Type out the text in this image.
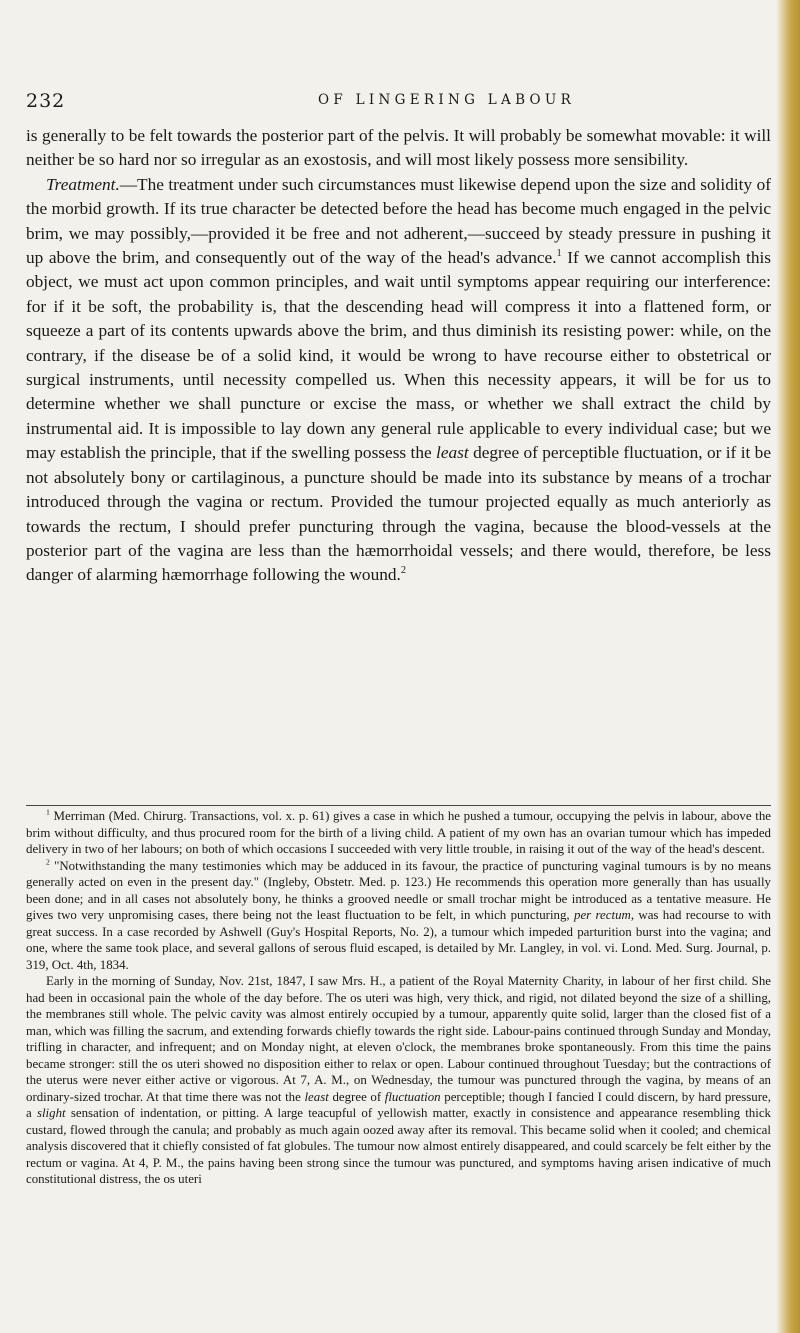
232	OF LINGERING LABOUR

is generally to be felt towards the posterior part of the pelvis. It will probably be somewhat movable: it will neither be so hard nor so irregular as an exostosis, and will most likely possess more sensibility.

Treatment.—The treatment under such circumstances must likewise depend upon the size and solidity of the morbid growth. If its true character be detected before the head has become much engaged in the pelvic brim, we may possibly,—provided it be free and not adherent,—succeed by steady pressure in pushing it up above the brim, and consequently out of the way of the head's advance.$^1$ If we cannot accomplish this object, we must act upon common principles, and wait until symptoms appear requiring our interference: for if it be soft, the probability is, that the descending head will compress it into a flattened form, or squeeze a part of its contents upwards above the brim, and thus diminish its resisting power: while, on the contrary, if the disease be of a solid kind, it would be wrong to have recourse either to obstetrical or surgical instruments, until necessity compelled us. When this necessity appears, it will be for us to determine whether we shall puncture or excise the mass, or whether we shall extract the child by instrumental aid. It is impossible to lay down any general rule applicable to every individual case; but we may establish the principle, that if the swelling possess the least degree of perceptible fluctuation, or if it be not absolutely bony or cartilaginous, a puncture should be made into its substance by means of a trochar introduced through the vagina or rectum. Provided the tumour projected equally as much anteriorly as towards the rectum, I should prefer puncturing through the vagina, because the blood-vessels at the posterior part of the vagina are less than the hæmorrhoidal vessels; and there would, therefore, be less danger of alarming hæmorrhage following the wound.$^2$

$^1$ Merriman (Med. Chirurg. Transactions, vol. x. p. 61) gives a case in which he pushed a tumour, occupying the pelvis in labour, above the brim without difficulty, and thus procured room for the birth of a living child. A patient of my own has an ovarian tumour which has impeded delivery in two of her labours; on both of which occasions I succeeded with very little trouble, in raising it out of the way of the head's descent.

$^2$ "Notwithstanding the many testimonies which may be adduced in its favour, the practice of puncturing vaginal tumours is by no means generally acted on even in the present day." (Ingleby, Obstetr. Med. p. 123.) He recommends this operation more generally than has usually been done; and in all cases not absolutely bony, he thinks a grooved needle or small trochar might be introduced as a tentative measure. He gives two very unpromising cases, there being not the least fluctuation to be felt, in which puncturing, per rectum, was had recourse to with great success. In a case recorded by Ashwell (Guy's Hospital Reports, No. 2), a tumour which impeded parturition burst into the vagina; and one, where the same took place, and several gallons of serous fluid escaped, is detailed by Mr. Langley, in vol. vi. Lond. Med. Surg. Journal, p. 319, Oct. 4th, 1834.

Early in the morning of Sunday, Nov. 21st, 1847, I saw Mrs. H., a patient of the Royal Maternity Charity, in labour of her first child. She had been in occasional pain the whole of the day before. The os uteri was high, very thick, and rigid, not dilated beyond the size of a shilling, the membranes still whole. The pelvic cavity was almost entirely occupied by a tumour, apparently quite solid, larger than the closed fist of a man, which was filling the sacrum, and extending forwards chiefly towards the right side. Labour-pains continued through Sunday and Monday, trifling in character, and infrequent; and on Monday night, at eleven o'clock, the membranes broke spontaneously. From this time the pains became stronger: still the os uteri showed no disposition either to relax or open. Labour continued throughout Tuesday; but the contractions of the uterus were never either active or vigorous. At 7, A. M., on Wednesday, the tumour was punctured through the vagina, by means of an ordinary-sized trochar. At that time there was not the least degree of fluctuation perceptible; though I fancied I could discern, by hard pressure, a slight sensation of indentation, or pitting. A large teacupful of yellowish matter, exactly in consistence and appearance resembling thick custard, flowed through the canula; and probably as much again oozed away after its removal. This became solid when it cooled; and chemical analysis discovered that it chiefly consisted of fat globules. The tumour now almost entirely disappeared, and could scarcely be felt either by the rectum or vagina. At 4, P. M., the pains having been strong since the tumour was punctured, and symptoms having arisen indicative of much constitutional distress, the os uteri
